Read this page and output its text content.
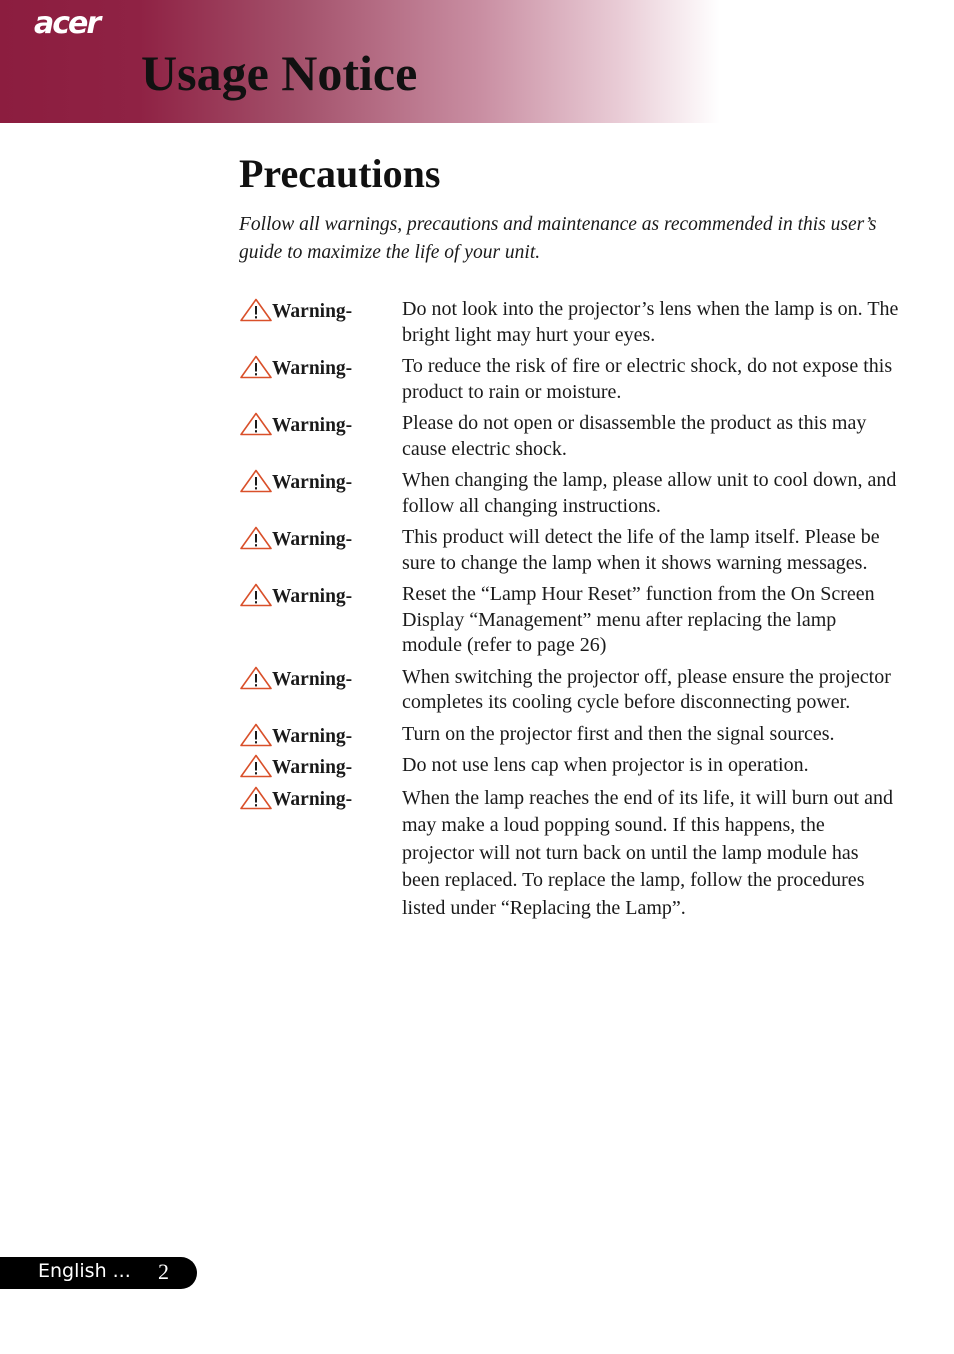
acer
Usage Notice
Precautions

Follow all warnings, precautions and maintenance as recommended in this user’s guide to maximize the life of your unit.

Warning- Do not look into the projector’s lens when the lamp is on. The bright light may hurt your eyes.
Warning- To reduce the risk of fire or electric shock, do not expose this product to rain or moisture.
Warning- Please do not open or disassemble the product as this may cause electric shock.
Warning- When changing the lamp, please allow unit to cool down, and follow all changing instructions.
Warning- This product will detect the life of the lamp itself. Please be sure to change the lamp when it shows warning messages.
Warning- Reset the “Lamp Hour Reset” function from the On Screen Display “Management” menu after replacing the lamp module (refer to page 26)
Warning- When switching the projector off, please ensure the projector completes its cooling cycle before disconnecting power.
Warning- Turn on the projector first and then the signal sources.
Warning- Do not use lens cap when projector is in operation.
Warning- When the lamp reaches the end of its life, it will burn out and may make a loud popping sound. If this happens, the projector will not turn back on until the lamp module has been replaced. To replace the lamp, follow the procedures listed under “Replacing the Lamp”.
English ... 2
